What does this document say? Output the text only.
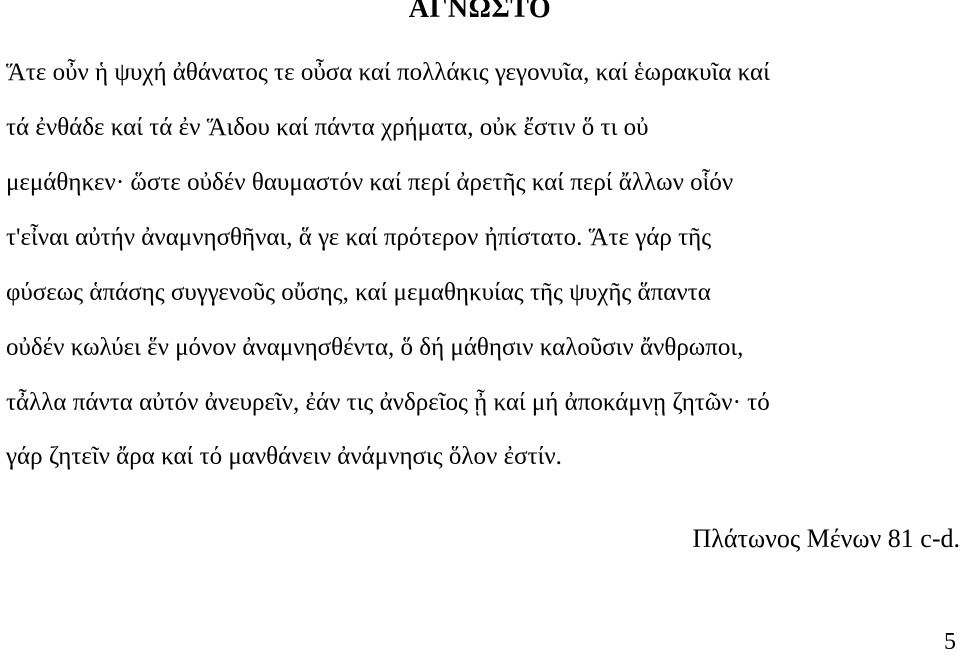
ΑΓΝΩΣΤΟ
Ἅτε οὖν ἡ ψυχή ἀθάνατος τε οὖσα καί πολλάκις γεγονυῖα, καί ἑωρακυῖα καί
τά ἐνθάδε καί τά ἐν Ἅιδου καί πάντα χρήματα, οὐκ ἔστιν ὅ τι οὐ
μεμάθηκεν· ὥστε οὐδέν θαυμαστόν καί περί ἀρετῆς καί περί ἄλλων οἷόν
τ'εἶναι αὐτήν ἀναμνησθῆναι, ἅ γε καί πρότερον ἠπίστατο. Ἅτε γάρ τῆς
φύσεως ἁπάσης συγγενοῦς οὔσης, καί μεμαθηκυίας τῆς ψυχῆς ἅπαντα
οὐδέν κωλύει ἕν μόνον ἀναμνησθέντα, ὅ δή μάθησιν καλοῦσιν ἄνθρωποι,
τἆλλα πάντα αὐτόν ἀνευρεῖν, ἐάν τις ἀνδρεῖος ᾖ καί μή ἀποκάμνῃ ζητῶν· τό
γάρ ζητεῖν ἄρα καί τό μανθάνειν ἀνάμνησις ὅλον ἐστίν.
Πλάτωνος Μένων 81 c-d.
5
